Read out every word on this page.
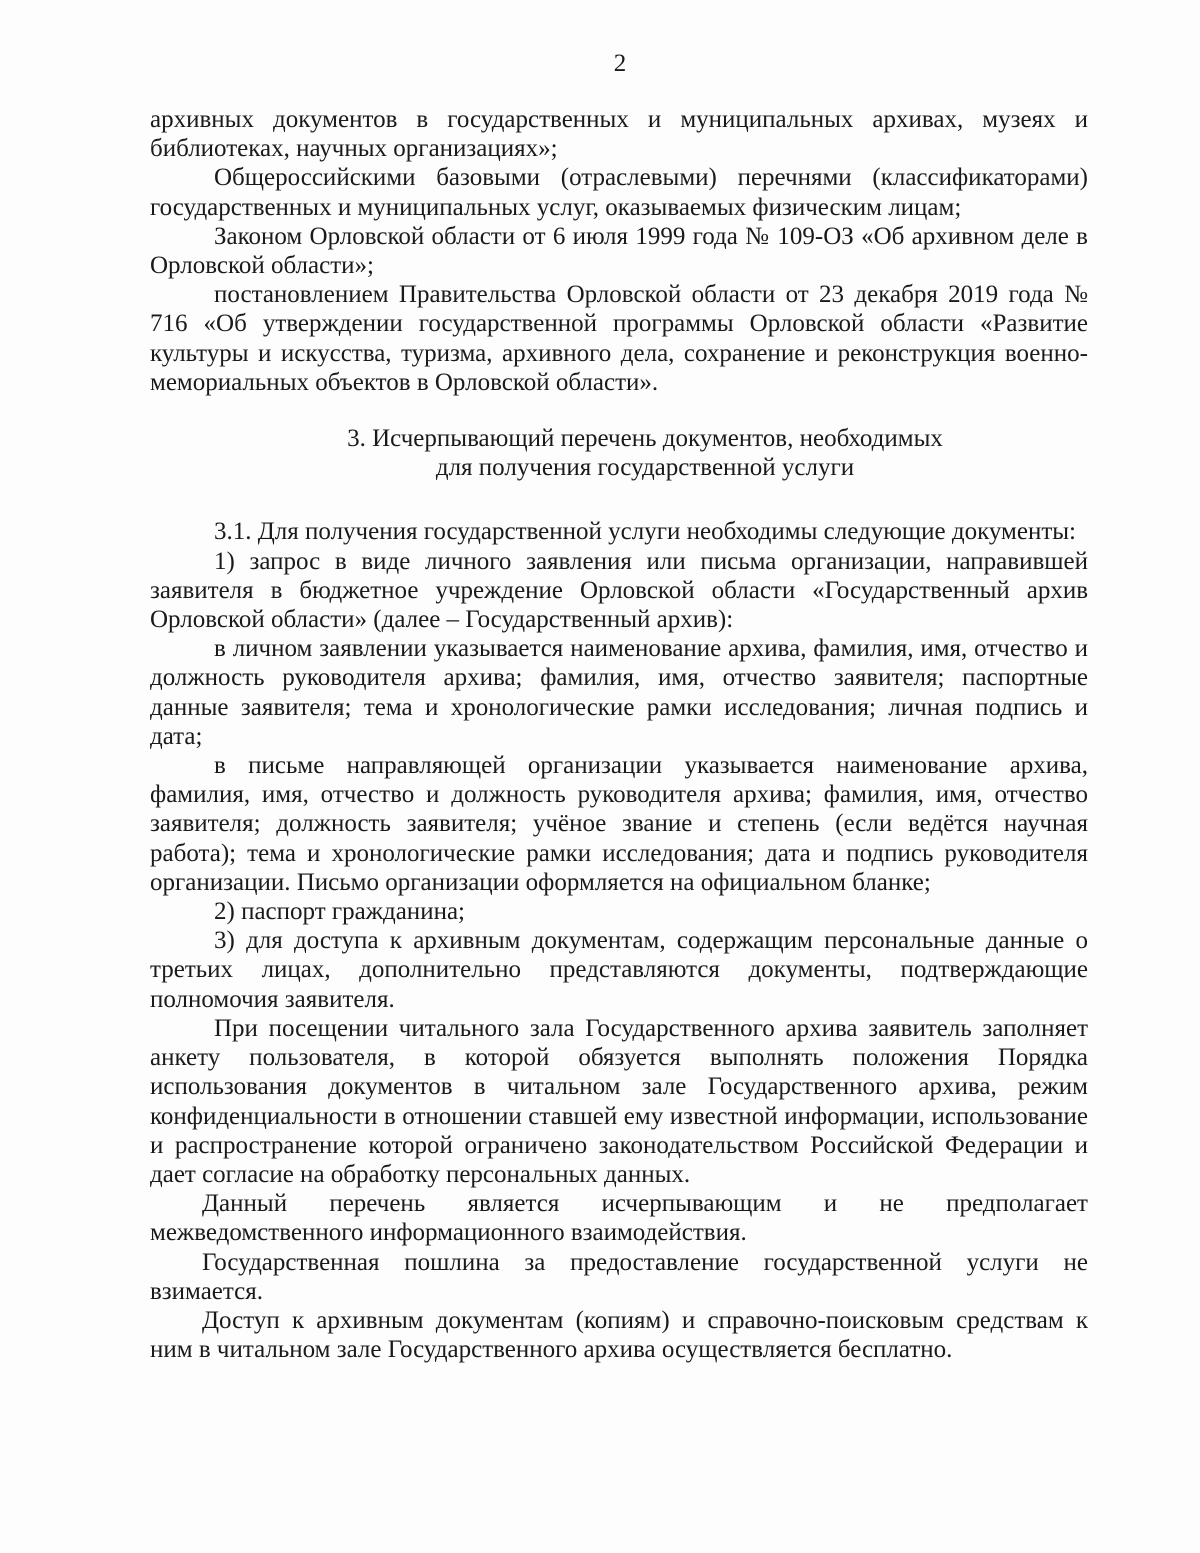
2

архивных документов в государственных и муниципальных архивах, музеях и библиотеках, научных организациях»;

Общероссийскими базовыми (отраслевыми) перечнями (классификаторами) государственных и муниципальных услуг, оказываемых физическим лицам;

Законом Орловской области от 6 июля 1999 года № 109-ОЗ «Об архивном деле в Орловской области»;

постановлением Правительства Орловской области от 23 декабря 2019 года № 716 «Об утверждении государственной программы Орловской области «Развитие культуры и искусства, туризма, архивного дела, сохранение и реконструкция военно-мемориальных объектов в Орловской области».

3. Исчерпывающий перечень документов, необходимых
для получения государственной услуги

3.1. Для получения государственной услуги необходимы следующие документы:

1) запрос в виде личного заявления или письма организации, направившей заявителя в бюджетное учреждение Орловской области «Государственный архив Орловской области» (далее – Государственный архив):

в личном заявлении указывается наименование архива, фамилия, имя, отчество и должность руководителя архива; фамилия, имя, отчество заявителя; паспортные данные заявителя; тема и хронологические рамки исследования; личная подпись и дата;

в письме направляющей организации указывается наименование архива, фамилия, имя, отчество и должность руководителя архива; фамилия, имя, отчество заявителя; должность заявителя; учёное звание и степень (если ведётся научная работа); тема и хронологические рамки исследования; дата и подпись руководителя организации. Письмо организации оформляется на официальном бланке;

2) паспорт гражданина;

3) для доступа к архивным документам, содержащим персональные данные о третьих лицах, дополнительно представляются документы, подтверждающие полномочия заявителя.

При посещении читального зала Государственного архива заявитель заполняет анкету пользователя, в которой обязуется выполнять положения Порядка использования документов в читальном зале Государственного архива, режим конфиденциальности в отношении ставшей ему известной информации, использование и распространение которой ограничено законодательством Российской Федерации и дает согласие на обработку персональных данных.

Данный перечень является исчерпывающим и не предполагает межведомственного информационного взаимодействия.

Государственная пошлина за предоставление государственной услуги не взимается.

Доступ к архивным документам (копиям) и справочно-поисковым средствам к ним в читальном зале Государственного архива осуществляется бесплатно.
